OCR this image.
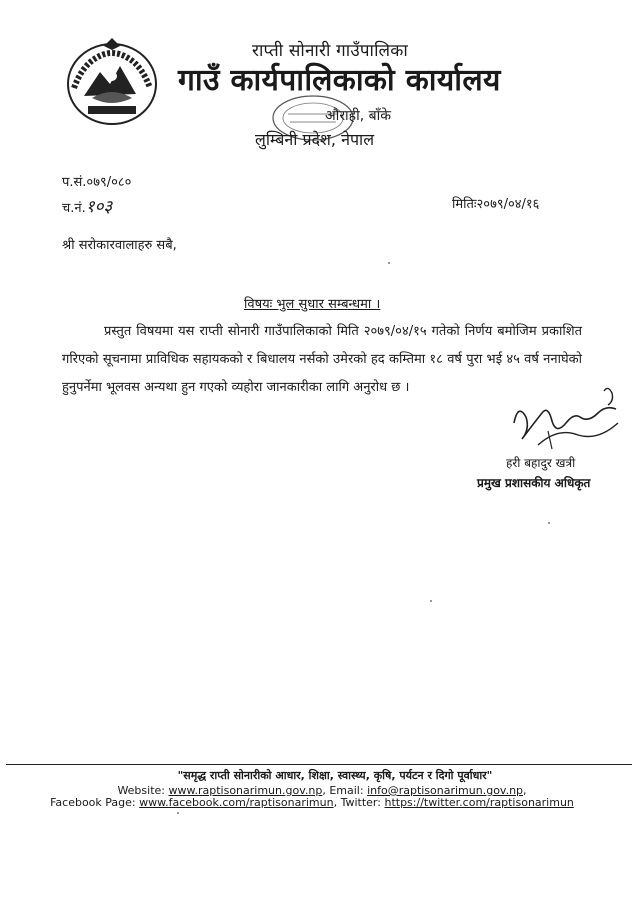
राप्ती सोनारी गाउँपालिका
गाउँ कार्यपालिकाको कार्यालय
औराही, बाँके
लुम्बिनी प्रदेश, नेपाल
प.सं.०७९/०८०
च.नं.१०३	मितिः२०७९/०४/१६
श्री सरोकारवालाहरु सबै,
विषयः भुल सुधार सम्बन्धमा ।
प्रस्तुत विषयमा यस राप्ती सोनारी गाउँपालिकाको मिति २०७९/०४/१५ गतेको निर्णय बमोजिम प्रकाशित गरिएको सूचनामा प्राविधिक सहायकको र बिधालय नर्सको उमेरको हद कम्तिमा १८ वर्ष पुरा भई ४५ वर्ष ननाघेको हुनुपर्नेमा भूलवस अन्यथा हुन गएको व्यहोरा जानकारीका लागि अनुरोध छ ।
हरी बहादुर खत्री
प्रमुख प्रशासकीय अधिकृत
"समृद्ध राप्ती सोनारीको आधार, शिक्षा, स्वास्थ्य, कृषि, पर्यटन र दिगो पूर्वाधार"
Website: www.raptisonarimun.gov.np, Email: info@raptisonarimun.gov.np,
Facebook Page: www.facebook.com/raptisonarimun, Twitter: https://twitter.com/raptisonarimun
